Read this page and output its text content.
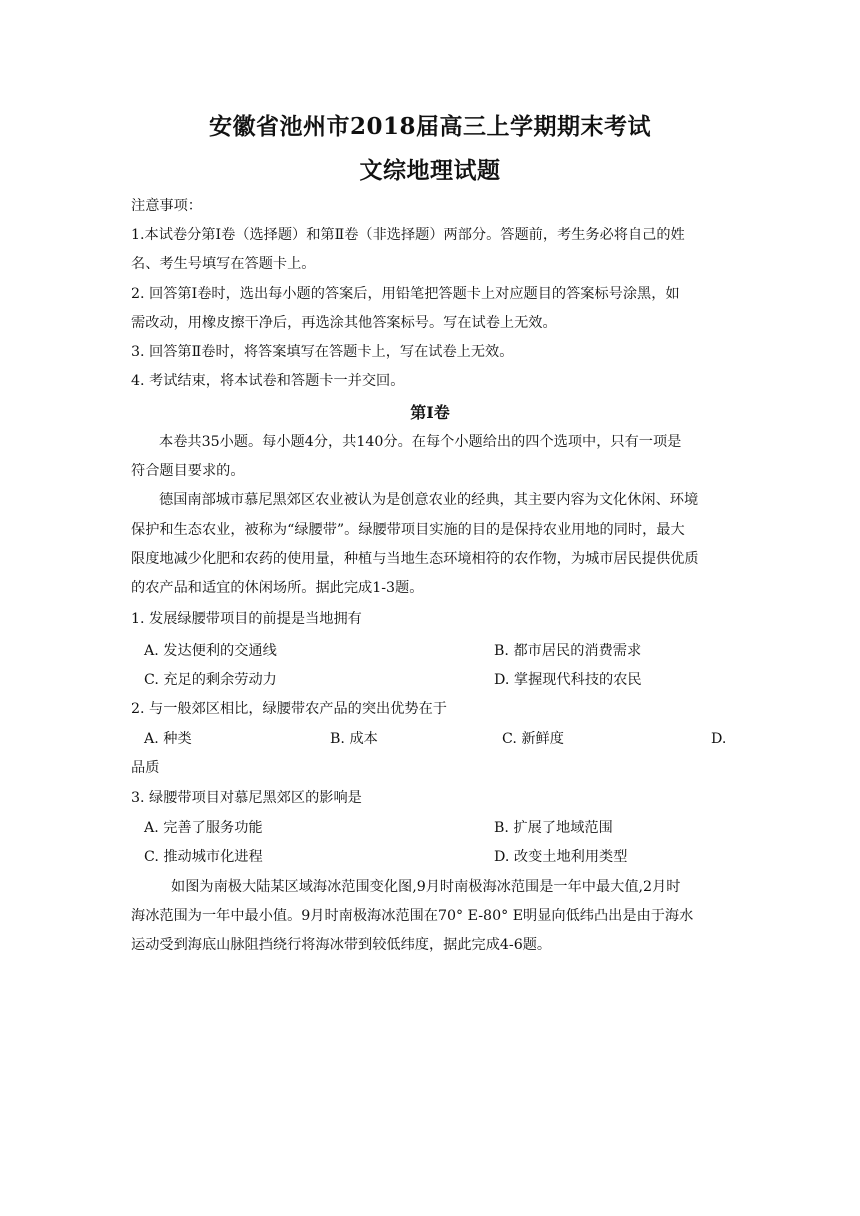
安徽省池州市2018届高三上学期期末考试
文综地理试题
注意事项：
1.本试卷分第Ⅰ卷（选择题）和第Ⅱ卷（非选择题）两部分。答题前，考生务必将自己的姓
名、考生号填写在答题卡上。
2. 回答第Ⅰ卷时，选出每小题的答案后，用铅笔把答题卡上对应题目的答案标号涂黑，如
需改动，用橡皮擦干净后，再选涂其他答案标号。写在试卷上无效。
3. 回答第Ⅱ卷时，将答案填写在答题卡上，写在试卷上无效。
4. 考试结束，将本试卷和答题卡一并交回。
第Ⅰ卷
本卷共35小题。每小题4分，共140分。在每个小题给出的四个选项中，只有一项是
符合题目要求的。
德国南部城市慕尼黑郊区农业被认为是创意农业的经典，其主要内容为文化休闲、环境
保护和生态农业，被称为“绿腰带”。绿腰带项目实施的目的是保持农业用地的同时，最大
限度地减少化肥和农药的使用量，种植与当地生态环境相符的农作物，为城市居民提供优质
的农产品和适宜的休闲场所。据此完成1-3题。
1. 发展绿腰带项目的前提是当地拥有
A. 发达便利的交通线	B. 都市居民的消费需求
C. 充足的剩余劳动力	D. 掌握现代科技的农民
2. 与一般郊区相比，绿腰带农产品的突出优势在于
A. 种类	B. 成本	C. 新鲜度	D.
品质
3. 绿腰带项目对慕尼黑郊区的影响是
A. 完善了服务功能	B. 扩展了地域范围
C. 推动城市化进程	D. 改变土地利用类型
如图为南极大陆某区域海冰范围变化图,9月时南极海冰范围是一年中最大值,2月时
海冰范围为一年中最小值。9月时南极海冰范围在70° E-80° E明显向低纬凸出是由于海水
运动受到海底山脉阻挡绕行将海冰带到较低纬度，据此完成4-6题。
